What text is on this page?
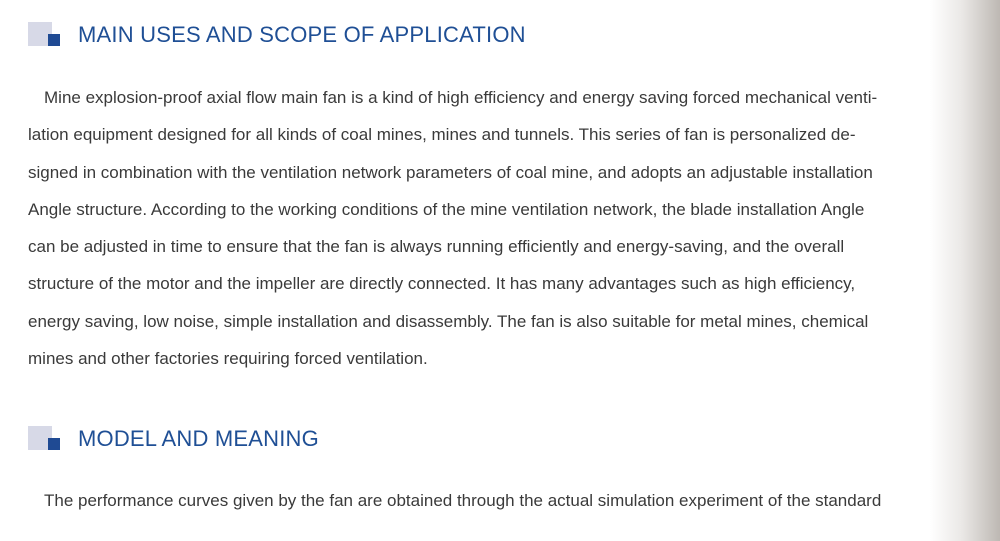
MAIN USES AND SCOPE OF APPLICATION
Mine explosion-proof axial flow main fan is a kind of high efficiency and energy saving forced mechanical venti-
lation equipment designed for all kinds of coal mines, mines and tunnels. This series of fan is personalized de-
signed in combination with the ventilation network parameters of coal mine, and adopts an adjustable installation
Angle structure. According to the working conditions of the mine ventilation network, the blade installation Angle
can be adjusted in time to ensure that the fan is always running efficiently and energy-saving, and the overall
structure of the motor and the impeller are directly connected. It has many advantages such as high efficiency,
energy saving, low noise, simple installation and disassembly. The fan is also suitable for metal mines, chemical
mines and other factories requiring forced ventilation.
MODEL AND MEANING
The performance curves given by the fan are obtained through the actual simulation experiment of the standard
